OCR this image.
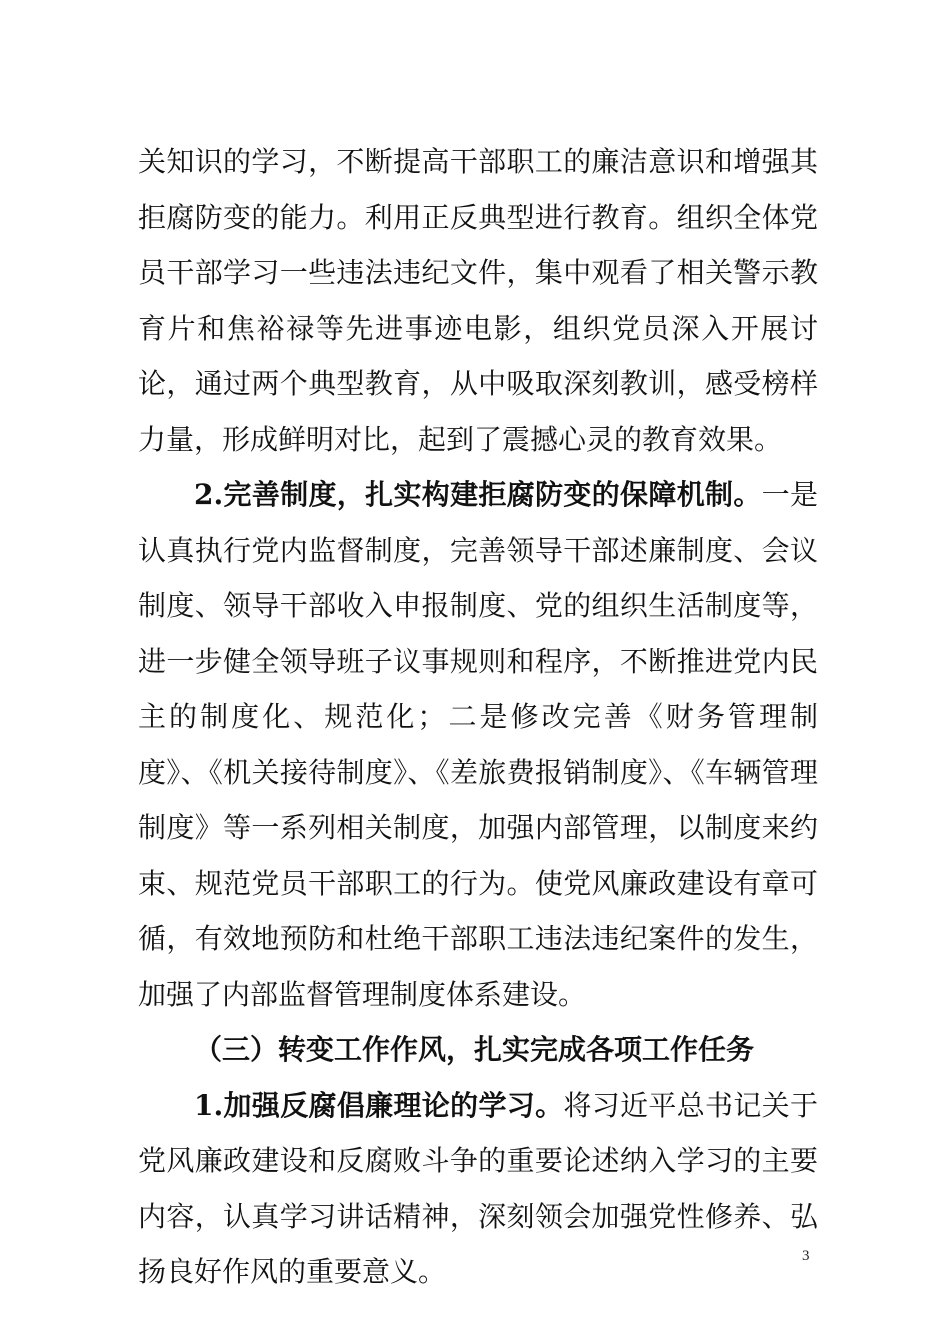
关知识的学习，不断提高干部职工的廉洁意识和增强其拒腐防变的能力。利用正反典型进行教育。组织全体党员干部学习一些违法违纪文件，集中观看了相关警示教育片和焦裕禄等先进事迹电影，组织党员深入开展讨论，通过两个典型教育，从中吸取深刻教训，感受榜样力量，形成鲜明对比，起到了震撼心灵的教育效果。

2.完善制度，扎实构建拒腐防变的保障机制。一是认真执行党内监督制度，完善领导干部述廉制度、会议制度、领导干部收入申报制度、党的组织生活制度等，进一步健全领导班子议事规则和程序，不断推进党内民主的制度化、规范化；二是修改完善《财务管理制度》、《机关接待制度》、《差旅费报销制度》、《车辆管理制度》等一系列相关制度，加强内部管理，以制度来约束、规范党员干部职工的行为。使党风廉政建设有章可循，有效地预防和杜绝干部职工违法违纪案件的发生，加强了内部监督管理制度体系建设。

（三）转变工作作风，扎实完成各项工作任务

1.加强反腐倡廉理论的学习。将习近平总书记关于党风廉政建设和反腐败斗争的重要论述纳入学习的主要内容，认真学习讲话精神，深刻领会加强党性修养、弘扬良好作风的重要意义。	3
